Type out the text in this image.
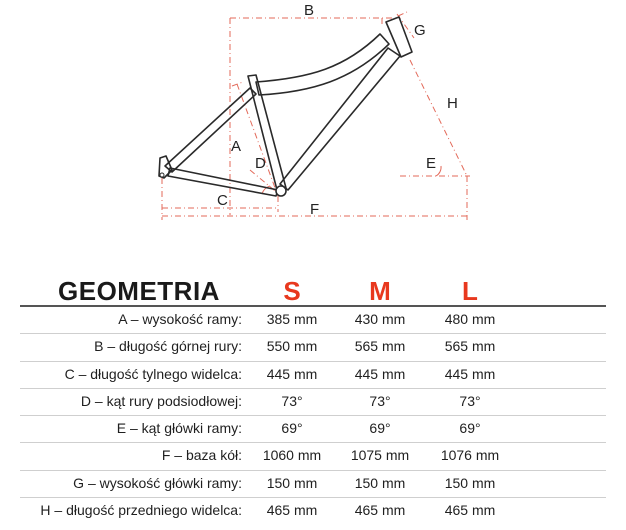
B
G
H
A
D	E
C
F
GEOMETRIA	S	M	L
A – wysokość ramy:	385 mm	430 mm	480 mm
B – długość górnej rury:	550 mm	565 mm	565 mm
C – długość tylnego widelca:	445 mm	445 mm	445 mm
D – kąt rury podsiodłowej:	73°	73°	73°
E – kąt główki ramy:	69°	69°	69°
F – baza kół:	1060 mm	1075 mm	1076 mm
G – wysokość główki ramy:	150 mm	150 mm	150 mm
H – długość przedniego widelca:	465 mm	465 mm	465 mm
